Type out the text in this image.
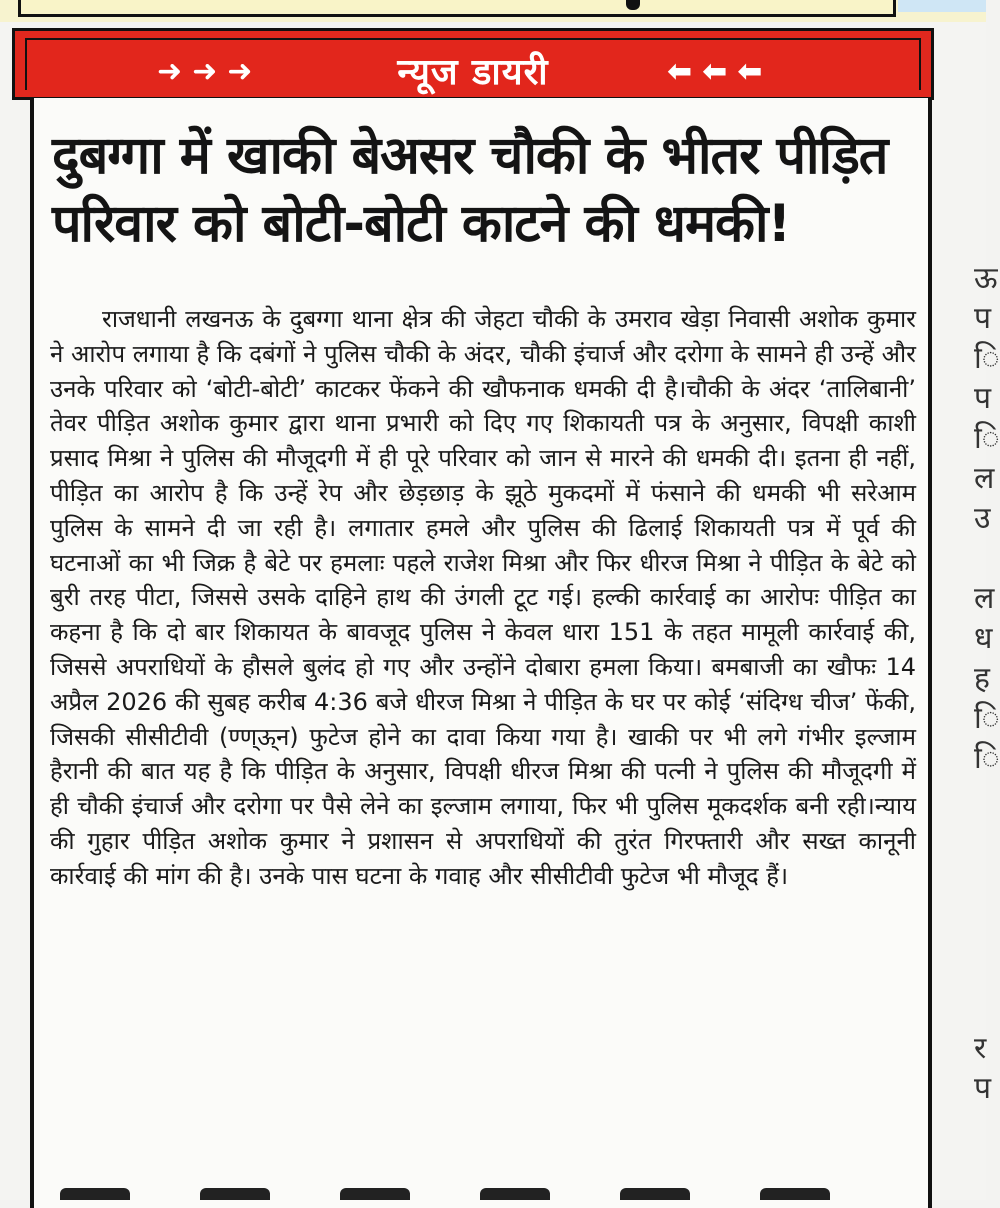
➜➜➜	न्यूज डायरी	⬅⬅⬅
दुबग्गा में खाकी बेअसर चौकी के भीतर पीड़ित परिवार को बोटी-बोटी काटने की धमकी!

राजधानी लखनऊ के दुबग्गा थाना क्षेत्र की जेहटा चौकी के उमराव खेड़ा निवासी अशोक कुमार ने आरोप लगाया है कि दबंगों ने पुलिस चौकी के अंदर, चौकी इंचार्ज और दरोगा के सामने ही उन्हें और उनके परिवार को ‘बोटी-बोटी’ काटकर फेंकने की खौफनाक धमकी दी है।चौकी के अंदर ‘तालिबानी’ तेवर पीड़ित अशोक कुमार द्वारा थाना प्रभारी को दिए गए शिकायती पत्र के अनुसार, विपक्षी काशी प्रसाद मिश्रा ने पुलिस की मौजूदगी में ही पूरे परिवार को जान से मारने की धमकी दी। इतना ही नहीं, पीड़ित का आरोप है कि उन्हें रेप और छेड़छाड़ के झूठे मुकदमों में फंसाने की धमकी भी सरेआम पुलिस के सामने दी जा रही है। लगातार हमले और पुलिस की ढिलाई शिकायती पत्र में पूर्व की घटनाओं का भी जिक्र है बेटे पर हमलाः पहले राजेश मिश्रा और फिर धीरज मिश्रा ने पीड़ित के बेटे को बुरी तरह पीटा, जिससे उसके दाहिने हाथ की उंगली टूट गई। हल्की कार्रवाई का आरोपः पीड़ित का कहना है कि दो बार शिकायत के बावजूद पुलिस ने केवल धारा 151 के तहत मामूली कार्रवाई की, जिससे अपराधियों के हौसले बुलंद हो गए और उन्होंने दोबारा हमला किया। बमबाजी का खौफः 14 अप्रैल 2026 की सुबह करीब 4:36 बजे धीरज मिश्रा ने पीड़ित के घर पर कोई ‘संदिग्ध चीज’ फेंकी, जिसकी सीसीटीवी (ण्ण्ऊ्न) फुटेज होने का दावा किया गया है। खाकी पर भी लगे गंभीर इल्जाम हैरानी की बात यह है कि पीड़ित के अनुसार, विपक्षी धीरज मिश्रा की पत्नी ने पुलिस की मौजूदगी में ही चौकी इंचार्ज और दरोगा पर पैसे लेने का इल्जाम लगाया, फिर भी पुलिस मूकदर्शक बनी रही।न्याय की गुहार पीड़ित अशोक कुमार ने प्रशासन से अपराधियों की तुरंत गिरफ्तारी और सख्त कानूनी कार्रवाई की मांग की है। उनके पास घटना के गवाह और सीसीटीवी फुटेज भी मौजूद हैं।

ऊ
प
ि
प
ि
ल
उ
ल
ध
ह
ि
ि
र
प
